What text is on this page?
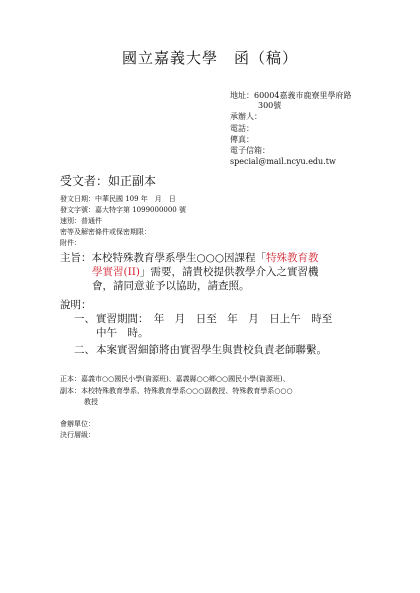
國立嘉義大學　函（稿）
地址：60004嘉義市鹿寮里學府路
300號
承辦人：
電話：
傳真：
電子信箱：
special@mail.ncyu.edu.tw
受文者：如正副本
發文日期：中華民國 109 年　月　日
發文字號：嘉大特字第 1099000000 號
速別：普通件
密等及解密條件或保密期限：
附件：
主旨：本校特殊教育學系學生○○○因課程「特殊教育教
學實習(II)」需要，請貴校提供教學介入之實習機
會，請同意並予以協助，請查照。
說明：
一、 實習期間：　年　月　日至　年　月　日上午　時至
中午　時。
二、 本案實習細節將由實習學生與貴校負責老師聯繫。
正本：嘉義市○○國民小學(資源班)、嘉義縣○○鄉○○國民小學(資源班)、
副本：本校特殊教育學系、特殊教育學系○○○副教授、特殊教育學系○○○
教授
會辦單位：
決行層級：
